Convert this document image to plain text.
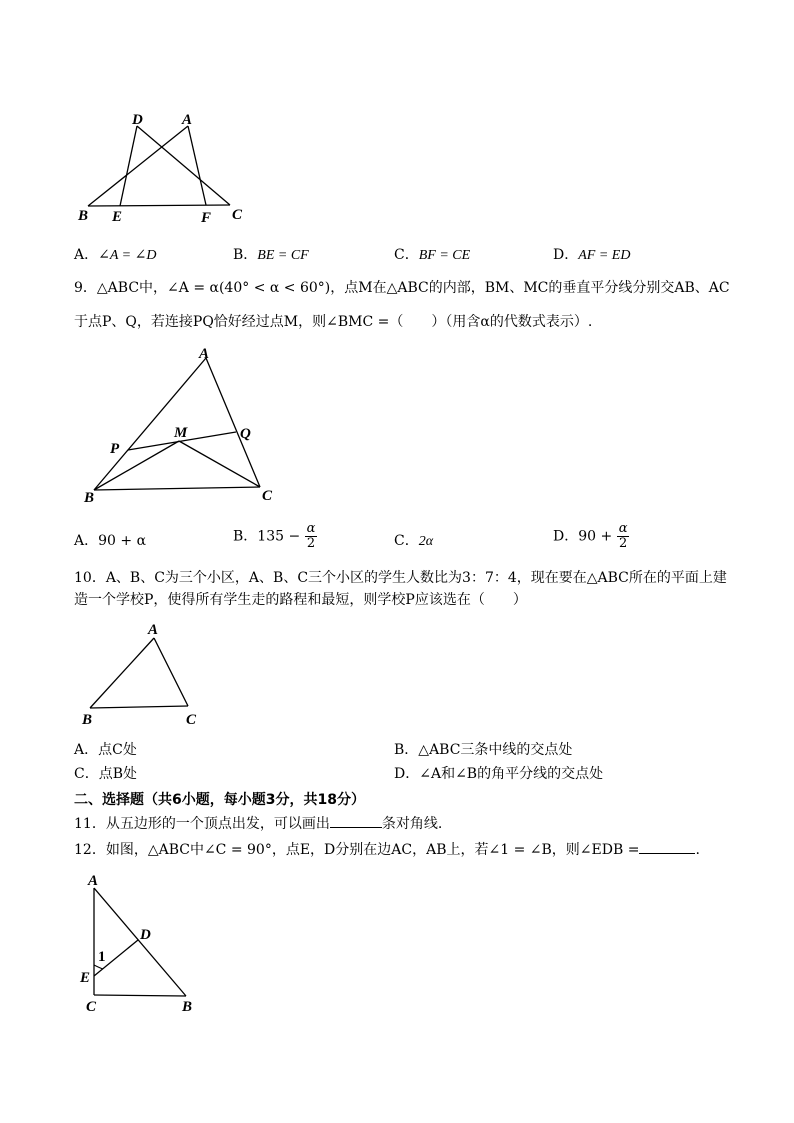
D	A
B E	F C
A．∠A = ∠D	B．BE = CF	C．BF = CE	D．AF = ED
9．△ABC中，∠A = α(40° < α < 60°)，点M在△ABC的内部，BM、MC的垂直平分线分别交AB、AC
于点P、Q，若连接PQ恰好经过点M，则∠BMC =（　　）（用含α的代数式表示）.
A
P
M	Q
B	C
A．90 + α	B．$135 - \frac{\alpha}{2}$	C．2α	D．$90 + \frac{\alpha}{2}$
10．A、B、C为三个小区，A、B、C三个小区的学生人数比为3：7：4，现在要在△ABC所在的平面上建
造一个学校P，使得所有学生走的路程和最短，则学校P应该选在（　　）
A
B	C
A．点C处	B．△ABC三条中线的交点处
C．点B处	D．∠A和∠B的角平分线的交点处
二、选择题（共6小题，每小题3分，共18分）
11．从五边形的一个顶点出发，可以画出	条对角线.
12．如图，△ABC中∠C = 90°，点E，D分别在边AC，AB上，若∠1 = ∠B，则∠EDB =	.
A
D
1
E
C	B
